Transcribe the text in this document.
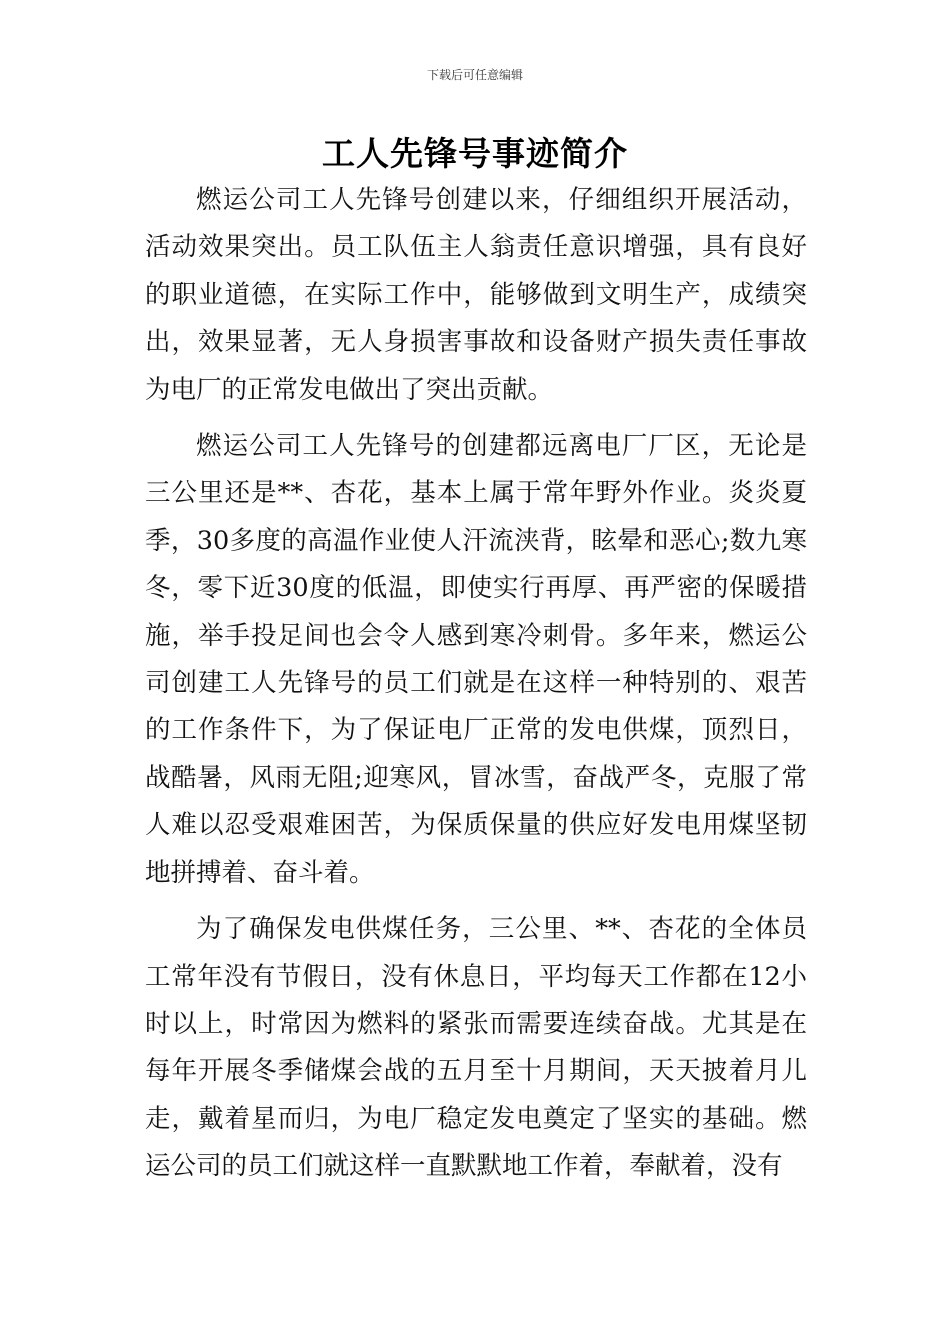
下载后可任意编辑
工人先锋号事迹简介

燃运公司工人先锋号创建以来，仔细组织开展活动，活动效果突出。员工队伍主人翁责任意识增强，具有良好的职业道德，在实际工作中，能够做到文明生产，成绩突出，效果显著，无人身损害事故和设备财产损失责任事故为电厂的正常发电做出了突出贡献。

燃运公司工人先锋号的创建都远离电厂厂区，无论是三公里还是**、杏花，基本上属于常年野外作业。炎炎夏季，30多度的高温作业使人汗流浃背，眩晕和恶心;数九寒冬，零下近30度的低温，即使实行再厚、再严密的保暖措施，举手投足间也会令人感到寒冷刺骨。多年来，燃运公司创建工人先锋号的员工们就是在这样一种特别的、艰苦的工作条件下，为了保证电厂正常的发电供煤，顶烈日，战酷暑，风雨无阻;迎寒风，冒冰雪，奋战严冬，克服了常人难以忍受艰难困苦，为保质保量的供应好发电用煤坚韧地拼搏着、奋斗着。

为了确保发电供煤任务，三公里、**、杏花的全体员工常年没有节假日，没有休息日，平均每天工作都在12小时以上，时常因为燃料的紧张而需要连续奋战。尤其是在每年开展冬季储煤会战的五月至十月期间，天天披着月儿走，戴着星而归，为电厂稳定发电奠定了坚实的基础。燃运公司的员工们就这样一直默默地工作着，奉献着，没有
